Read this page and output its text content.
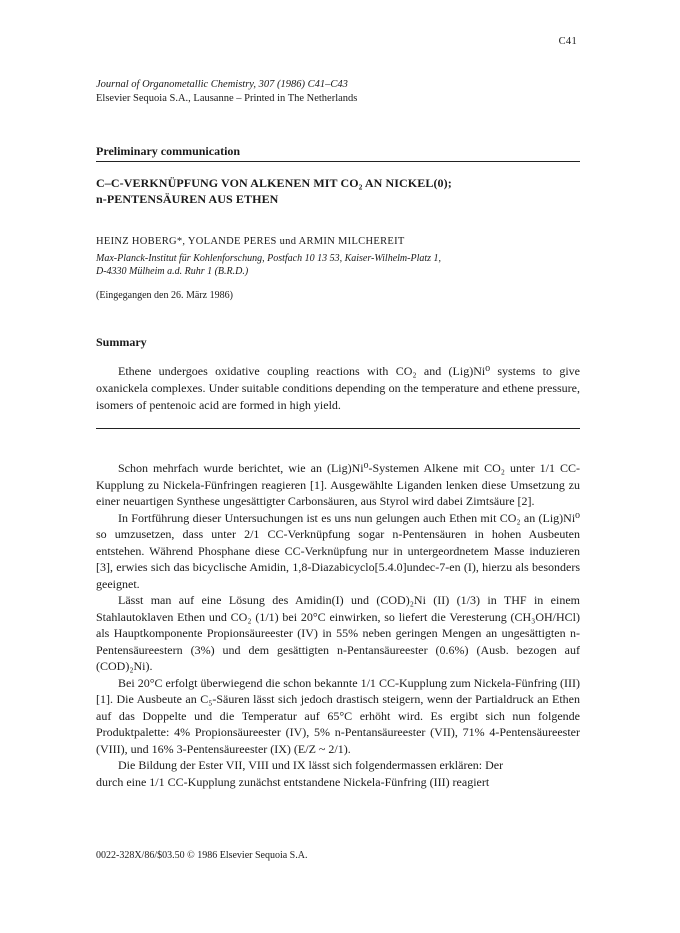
C41
Journal of Organometallic Chemistry, 307 (1986) C41–C43
Elsevier Sequoia S.A., Lausanne – Printed in The Netherlands
Preliminary communication
C–C-VERKNÜPFUNG VON ALKENEN MIT CO₂ AN NICKEL(0);
n-PENTENSÄUREN AUS ETHEN
HEINZ HOBERG*, YOLANDE PERES und ARMIN MILCHEREIT
Max-Planck-Institut für Kohlenforschung, Postfach 10 13 53, Kaiser-Wilhelm-Platz 1,
D-4330 Mülheim a.d. Ruhr 1 (B.R.D.)
(Eingegangen den 26. März 1986)
Summary

Ethene undergoes oxidative coupling reactions with CO₂ and (Lig)Ni⁰ systems to give oxanickela complexes. Under suitable conditions depending on the temperature and ethene pressure, isomers of pentenoic acid are formed in high yield.

Schon mehrfach wurde berichtet, wie an (Lig)Ni⁰-Systemen Alkene mit CO₂ unter 1/1 CC-Kupplung zu Nickela-Fünfringen reagieren [1]. Ausgewählte Liganden lenken diese Umsetzung zu einer neuartigen Synthese ungesättigter Carbonsäuren, aus Styrol wird dabei Zimtsäure [2].

In Fortführung dieser Untersuchungen ist es uns nun gelungen auch Ethen mit CO₂ an (Lig)Ni⁰ so umzusetzen, dass unter 2/1 CC-Verknüpfung sogar n-Pentensäuren in hohen Ausbeuten entstehen. Während Phosphane diese CC-Verknüpfung nur in untergeordnetem Masse induzieren [3], erwies sich das bicyclische Amidin, 1,8-Diazabicyclo[5.4.0]undec-7-en (I), hierzu als besonders geeignet.

Lässt man auf eine Lösung des Amidin(I) und (COD)₂Ni (II) (1/3) in THF in einem Stahlautoklaven Ethen und CO₂ (1/1) bei 20°C einwirken, so liefert die Veresterung (CH₃OH/HCl) als Hauptkomponente Propionsäureester (IV) in 55% neben geringen Mengen an ungesättigten n-Pentensäureestern (3%) und dem gesättigten n-Pentansäureester (0.6%) (Ausb. bezogen auf (COD)₂Ni).

Bei 20°C erfolgt überwiegend die schon bekannte 1/1 CC-Kupplung zum Nickela-Fünfring (III) [1]. Die Ausbeute an C₅-Säuren lässt sich jedoch drastisch steigern, wenn der Partialdruck an Ethen auf das Doppelte und die Temperatur auf 65°C erhöht wird. Es ergibt sich nun folgende Produktpalette: 4% Propionsäureester (IV), 5% n-Pentansäureester (VII), 71% 4-Pentensäureester (VIII), und 16% 3-Pentensäureester (IX) (E/Z ~ 2/1).

Die Bildung der Ester VII, VIII und IX lässt sich folgendermassen erklären: Der

durch eine 1/1 CC-Kupplung zunächst entstandene Nickela-Fünfring (III) reagiert

0022-328X/86/$03.50 © 1986 Elsevier Sequoia S.A.
